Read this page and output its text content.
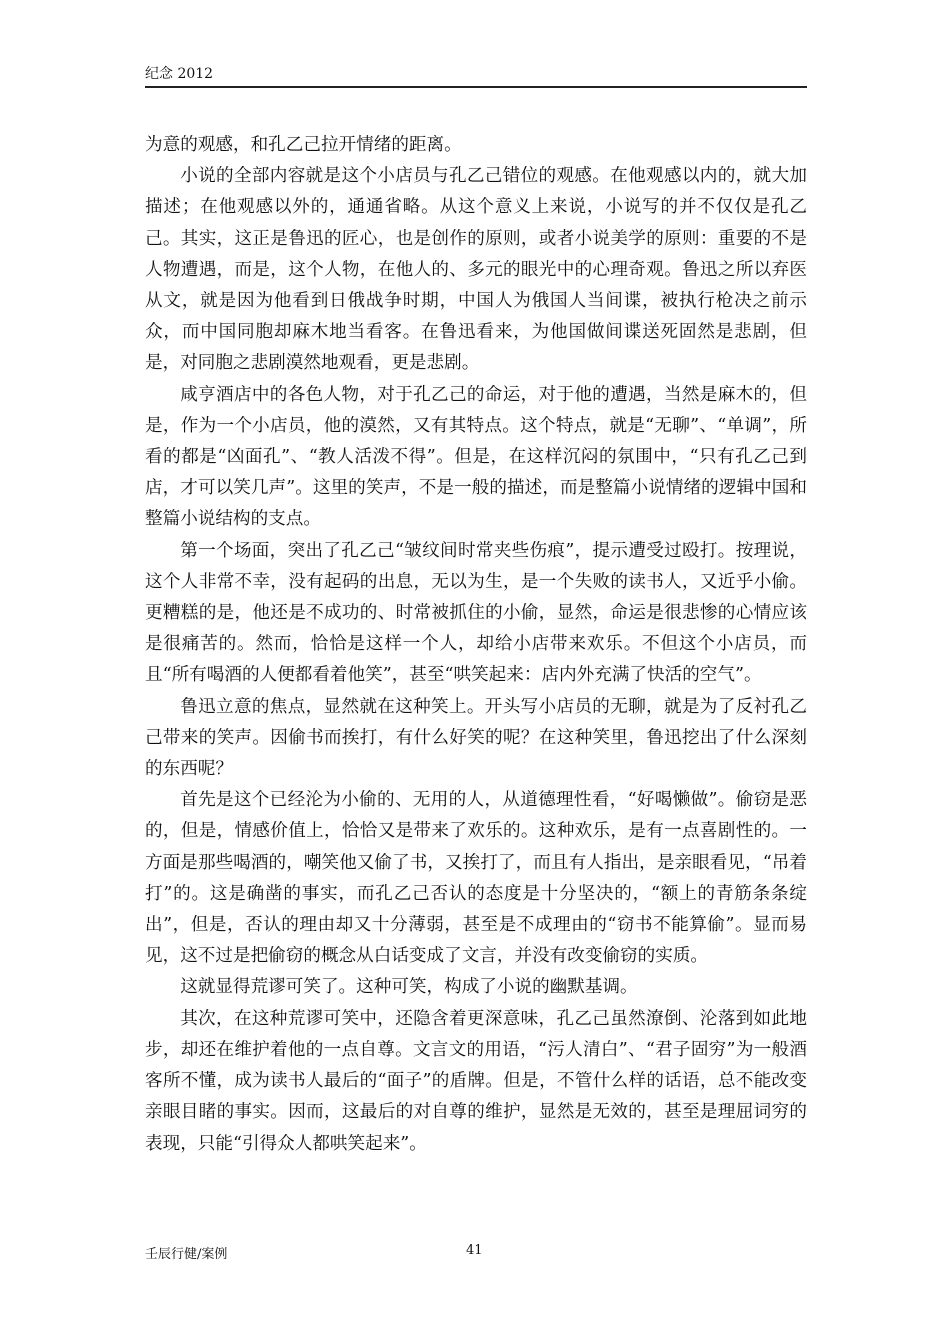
纪念 2012

为意的观感，和孔乙己拉开情绪的距离。

小说的全部内容就是这个小店员与孔乙己错位的观感。在他观感以内的，就大加描述；在他观感以外的，通通省略。从这个意义上来说，小说写的并不仅仅是孔乙己。其实，这正是鲁迅的匠心，也是创作的原则，或者小说美学的原则：重要的不是人物遭遇，而是，这个人物，在他人的、多元的眼光中的心理奇观。鲁迅之所以弃医从文，就是因为他看到日俄战争时期，中国人为俄国人当间谍，被执行枪决之前示众，而中国同胞却麻木地当看客。在鲁迅看来，为他国做间谍送死固然是悲剧，但是，对同胞之悲剧漠然地观看，更是悲剧。

咸亨酒店中的各色人物，对于孔乙己的命运，对于他的遭遇，当然是麻木的，但是，作为一个小店员，他的漠然，又有其特点。这个特点，就是“无聊”、“单调”，所看的都是“凶面孔”、“教人活泼不得”。但是，在这样沉闷的氛围中，“只有孔乙己到店，才可以笑几声”。这里的笑声，不是一般的描述，而是整篇小说情绪的逻辑中国和整篇小说结构的支点。

第一个场面，突出了孔乙己“皱纹间时常夹些伤痕”，提示遭受过殴打。按理说，这个人非常不幸，没有起码的出息，无以为生，是一个失败的读书人，又近乎小偷。更糟糕的是，他还是不成功的、时常被抓住的小偷，显然，命运是很悲惨的心情应该是很痛苦的。然而，恰恰是这样一个人，却给小店带来欢乐。不但这个小店员，而且“所有喝酒的人便都看着他笑”，甚至“哄笑起来：店内外充满了快活的空气”。

鲁迅立意的焦点，显然就在这种笑上。开头写小店员的无聊，就是为了反衬孔乙己带来的笑声。因偷书而挨打，有什么好笑的呢？在这种笑里，鲁迅挖出了什么深刻的东西呢？

首先是这个已经沦为小偷的、无用的人，从道德理性看，“好喝懒做”。偷窃是恶的，但是，情感价值上，恰恰又是带来了欢乐的。这种欢乐，是有一点喜剧性的。一方面是那些喝酒的，嘲笑他又偷了书，又挨打了，而且有人指出，是亲眼看见，“吊着打”的。这是确凿的事实，而孔乙己否认的态度是十分坚决的，“额上的青筋条条绽出”，但是，否认的理由却又十分薄弱，甚至是不成理由的“窃书不能算偷”。显而易见，这不过是把偷窃的概念从白话变成了文言，并没有改变偷窃的实质。

这就显得荒谬可笑了。这种可笑，构成了小说的幽默基调。

其次，在这种荒谬可笑中，还隐含着更深意味，孔乙己虽然潦倒、沦落到如此地步，却还在维护着他的一点自尊。文言文的用语，“污人清白”、“君子固穷”为一般酒客所不懂，成为读书人最后的“面子”的盾牌。但是，不管什么样的话语，总不能改变亲眼目睹的事实。因而，这最后的对自尊的维护，显然是无效的，甚至是理屈词穷的表现，只能“引得众人都哄笑起来”。

壬辰行健/案例	41
